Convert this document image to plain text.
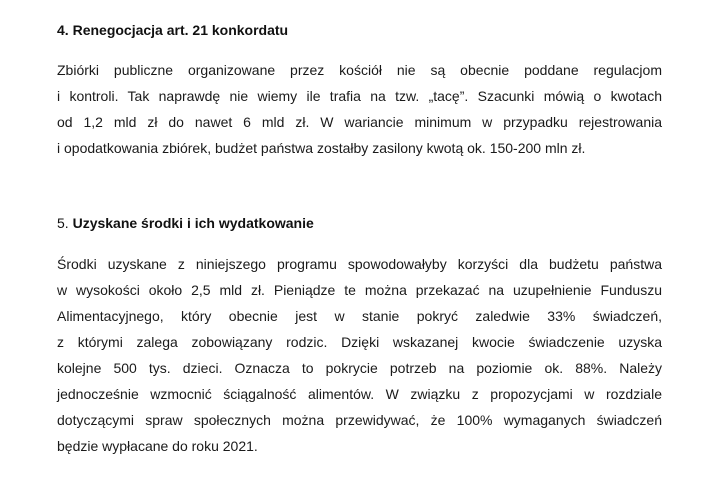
4. Renegocjacja art. 21 konkordatu
Zbiórki publiczne organizowane przez kościół nie są obecnie poddane regulacjom
i kontroli. Tak naprawdę nie wiemy ile trafia na tzw. „tacę”. Szacunki mówią o kwotach
od 1,2 mld zł do nawet 6 mld zł. W wariancie minimum w przypadku rejestrowania
i opodatkowania zbiórek, budżet państwa zostałby zasilony kwotą ok. 150-200 mln zł.
5. Uzyskane środki i ich wydatkowanie
Środki uzyskane z niniejszego programu spowodowałyby korzyści dla budżetu państwa
w wysokości około 2,5 mld zł. Pieniądze te można przekazać na uzupełnienie Funduszu
Alimentacyjnego, który obecnie jest w stanie pokryć zaledwie 33% świadczeń,
z którymi zalega zobowiązany rodzic. Dzięki wskazanej kwocie świadczenie uzyska
kolejne 500 tys. dzieci. Oznacza to pokrycie potrzeb na poziomie ok. 88%. Należy
jednocześnie wzmocnić ściągalność alimentów. W związku z propozycjami w rozdziale
dotyczącymi spraw społecznych można przewidywać, że 100% wymaganych świadczeń
będzie wypłacane do roku 2021.
